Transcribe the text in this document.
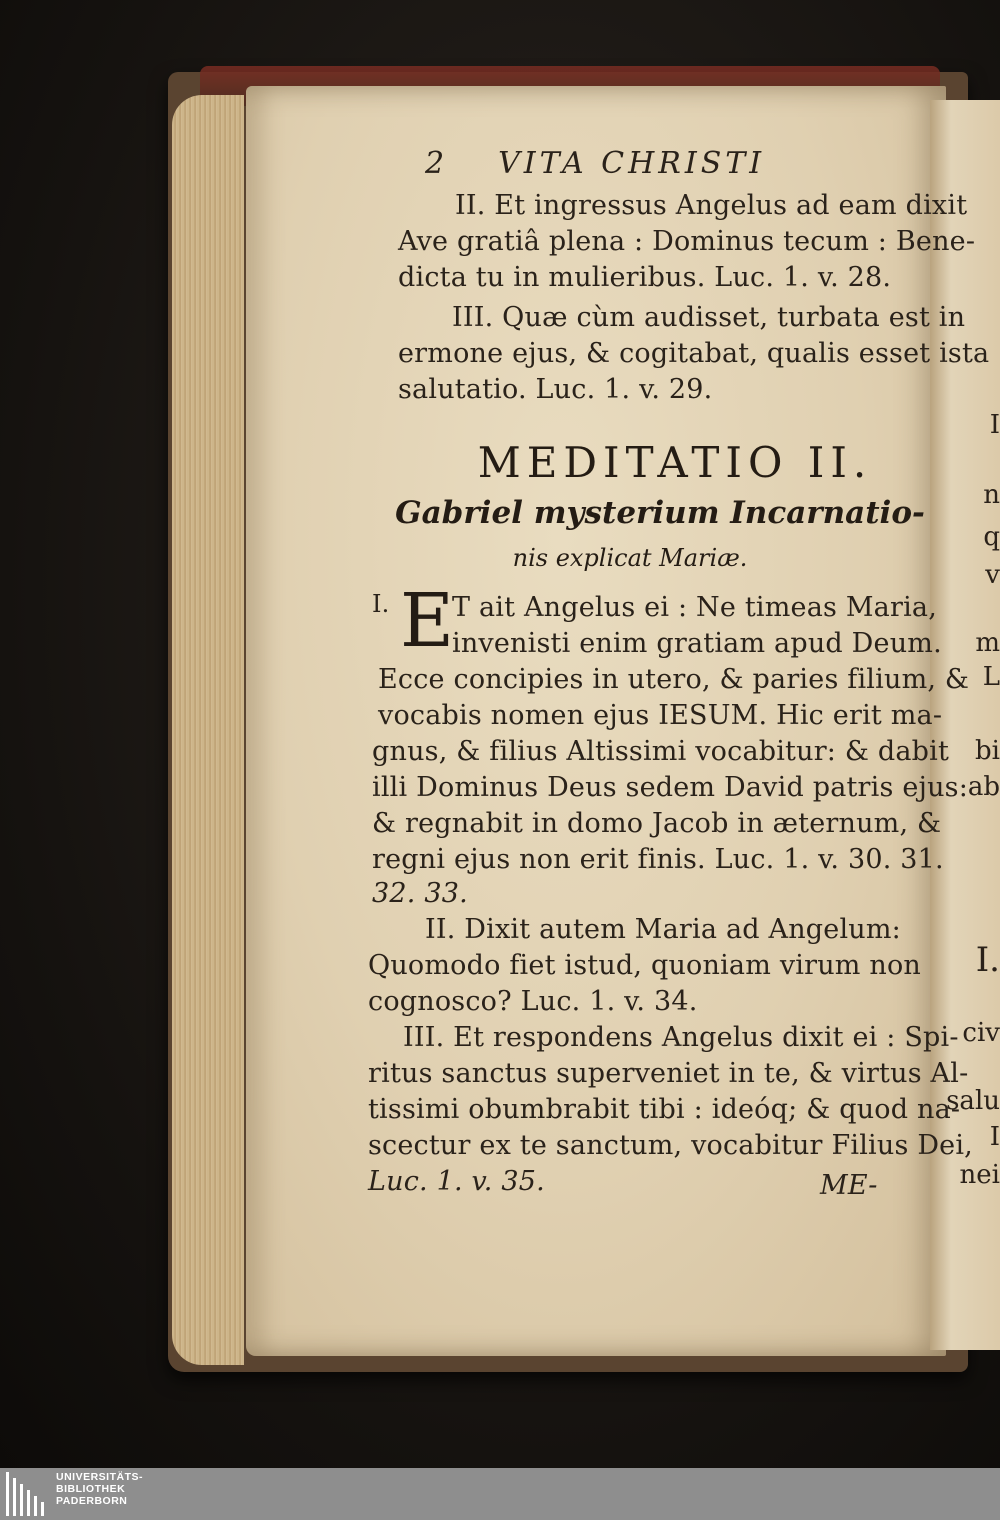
I
n
q
v
m
L
bi
ab
I.
civ
salu
I
nei
2 VITA CHRISTI
II. Et ingressus Angelus ad eam dixit
Ave gratiâ plena : Dominus tecum : Bene-
dicta tu in mulieribus. Luc. 1. v. 28.
III. Quæ cùm audisset, turbata est in
ermone ejus, & cogitabat, qualis esset ista
salutatio. Luc. 1. v. 29.
MEDITATIO II.
Gabriel mysterium Incarnatio-
nis explicat Mariæ.
I. E
T ait Angelus ei : Ne timeas Maria,
invenisti enim gratiam apud Deum.
Ecce concipies in utero, & paries filium, &
vocabis nomen ejus IESUM. Hic erit ma-
gnus, & filius Altissimi vocabitur: & dabit
illi Dominus Deus sedem David patris ejus:
& regnabit in domo Jacob in æternum, &
regni ejus non erit finis. Luc. 1. v. 30. 31.
32. 33.
II. Dixit autem Maria ad Angelum:
Quomodo fiet istud, quoniam virum non
cognosco? Luc. 1. v. 34.
III. Et respondens Angelus dixit ei : Spi-
ritus sanctus superveniet in te, & virtus Al-
tissimi obumbrabit tibi : ideóq; & quod na-
scectur ex te sanctum, vocabitur Filius Dei,
Luc. 1. v. 35.	ME-
UNIVERSITÄTS-
BIBLIOTHEK
PADERBORN
